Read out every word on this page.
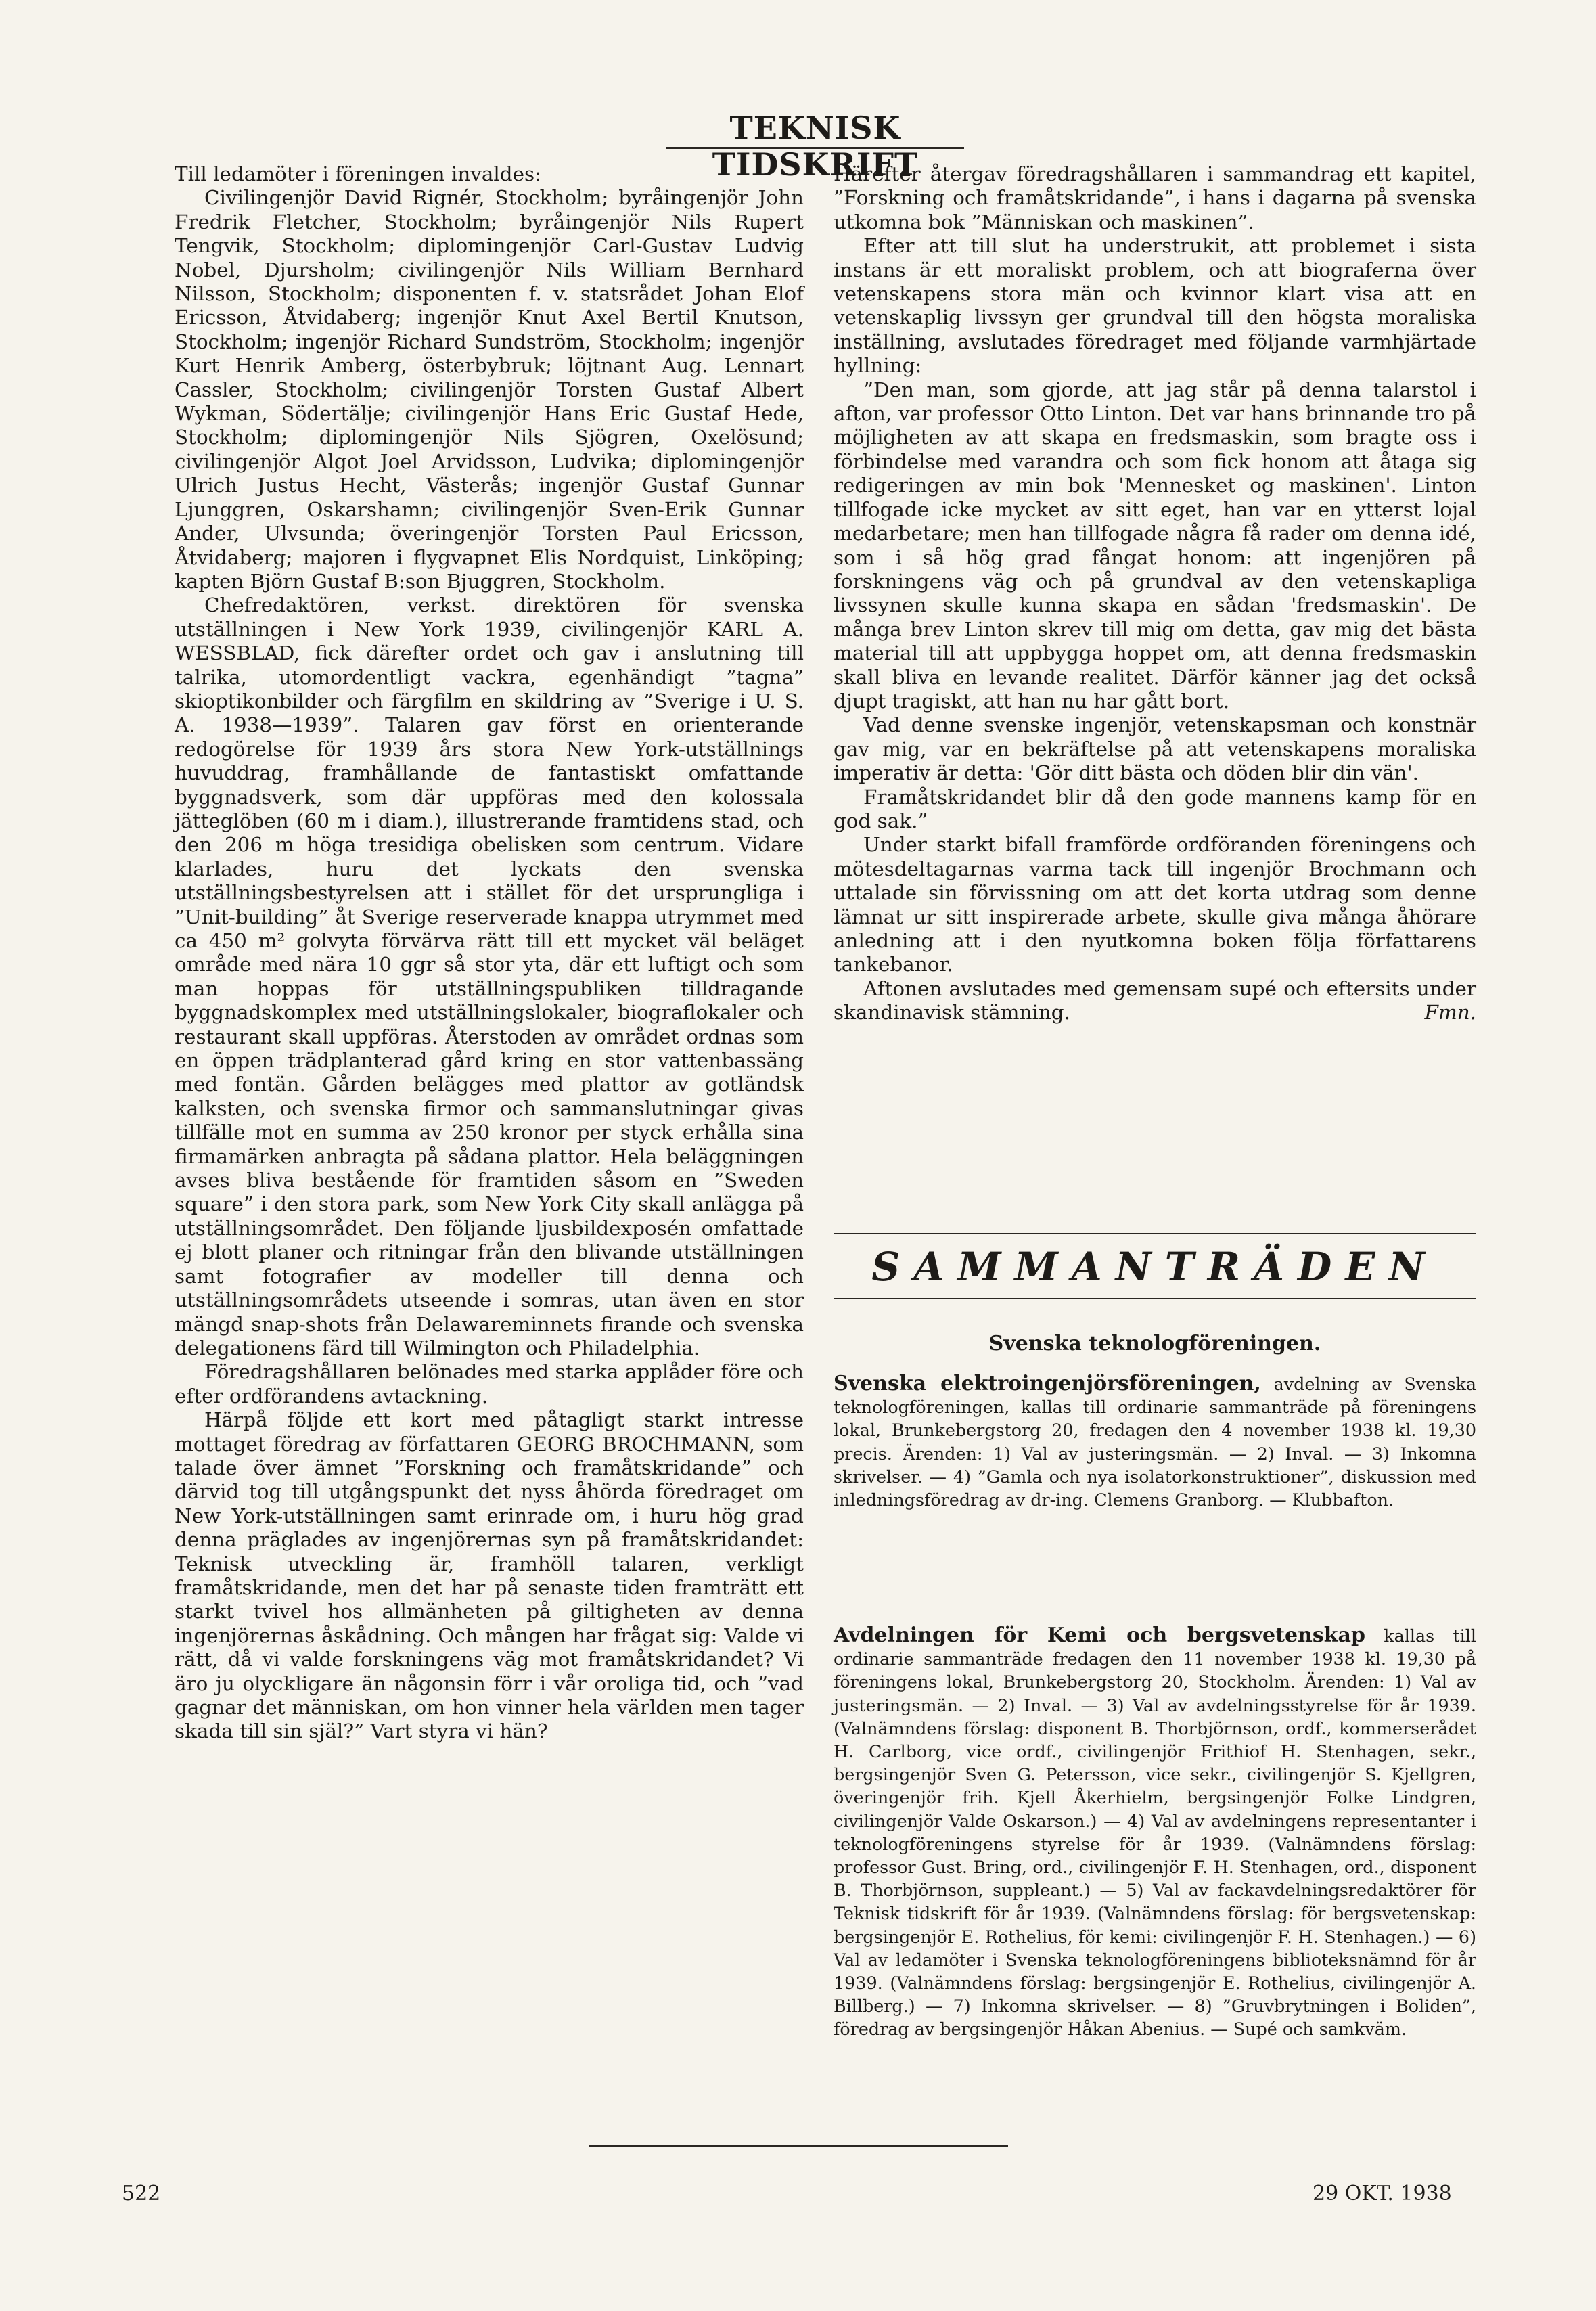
TEKNISK TIDSKRIFT

Till ledamöter i föreningen invaldes:

Civilingenjör David Rignér, Stockholm; byråingenjör John Fredrik Fletcher, Stockholm; byråingenjör Nils Rupert Tengvik, Stockholm; diplomingenjör Carl-Gustav Ludvig Nobel, Djursholm; civilingenjör Nils William Bernhard Nilsson, Stockholm; disponenten f. v. statsrådet Johan Elof Ericsson, Åtvidaberg; ingenjör Knut Axel Bertil Knutson, Stockholm; ingenjör Richard Sundström, Stockholm; ingenjör Kurt Henrik Amberg, österbybruk; löjtnant Aug. Lennart Cassler, Stockholm; civilingenjör Torsten Gustaf Albert Wykman, Södertälje; civilingenjör Hans Eric Gustaf Hede, Stockholm; diplomingenjör Nils Sjögren, Oxelösund; civilingenjör Algot Joel Arvidsson, Ludvika; diplomingenjör Ulrich Justus Hecht, Västerås; ingenjör Gustaf Gunnar Ljunggren, Oskarshamn; civilingenjör Sven-Erik Gunnar Ander, Ulvsunda; överingenjör Torsten Paul Ericsson, Åtvidaberg; majoren i flygvapnet Elis Nordquist, Linköping; kapten Björn Gustaf B:son Bjuggren, Stockholm.

Chefredaktören, verkst. direktören för svenska utställningen i New York 1939, civilingenjör KARL A. WESSBLAD, fick därefter ordet och gav i anslutning till talrika, utomordentligt vackra, egenhändigt ”tagna” skioptikonbilder och färgfilm en skildring av ”Sverige i U. S. A. 1938—1939”. Talaren gav först en orienterande redogörelse för 1939 års stora New York-utställnings huvuddrag, framhållande de fantastiskt omfattande byggnadsverk, som där uppföras med den kolossala jätteglöben (60 m i diam.), illustrerande framtidens stad, och den 206 m höga tresidiga obelisken som centrum. Vidare klarlades, huru det lyckats den svenska utställningsbestyrelsen att i stället för det ursprungliga i ”Unit-building” åt Sverige reserverade knappa utrymmet med ca 450 m² golvyta förvärva rätt till ett mycket väl beläget område med nära 10 ggr så stor yta, där ett luftigt och som man hoppas för utställningspubliken tilldragande byggnadskomplex med utställningslokaler, biograflokaler och restaurant skall uppföras. Återstoden av området ordnas som en öppen trädplanterad gård kring en stor vattenbassäng med fontän. Gården belägges med plattor av gotländsk kalksten, och svenska firmor och sammanslutningar givas tillfälle mot en summa av 250 kronor per styck erhålla sina firmamärken anbragta på sådana plattor. Hela beläggningen avses bliva bestående för framtiden såsom en ”Sweden square” i den stora park, som New York City skall anlägga på utställningsområdet. Den följande ljusbildexposén omfattade ej blott planer och ritningar från den blivande utställningen samt fotografier av modeller till denna och utställningsområdets utseende i somras, utan även en stor mängd snap-shots från Delawareminnets firande och svenska delegationens färd till Wilmington och Philadelphia.

Föredragshållaren belönades med starka applåder före och efter ordförandens avtackning.

Härpå följde ett kort med påtagligt starkt intresse mottaget föredrag av författaren GEORG BROCHMANN, som talade över ämnet ”Forskning och framåtskridande” och därvid tog till utgångspunkt det nyss åhörda föredraget om New York-utställningen samt erinrade om, i huru hög grad denna präglades av ingenjörernas syn på framåtskridandet: Teknisk utveckling är, framhöll talaren, verkligt framåtskridande, men det har på senaste tiden framträtt ett starkt tvivel hos allmänheten på giltigheten av denna ingenjörernas åskådning. Och mången har frågat sig: Valde vi rätt, då vi valde forskningens väg mot framåtskridandet? Vi äro ju olyckligare än någonsin förr i vår oroliga tid, och ”vad gagnar det människan, om hon vinner hela världen men tager skada till sin själ?” Vart styra vi hän?

Härefter återgav föredragshållaren i sammandrag ett kapitel, ”Forskning och framåtskridande”, i hans i dagarna på svenska utkomna bok ”Människan och maskinen”.

Efter att till slut ha understrukit, att problemet i sista instans är ett moraliskt problem, och att biograferna över vetenskapens stora män och kvinnor klart visa att en vetenskaplig livssyn ger grundval till den högsta moraliska inställning, avslutades föredraget med följande varmhjärtade hyllning:

”Den man, som gjorde, att jag står på denna talarstol i afton, var professor Otto Linton. Det var hans brinnande tro på möjligheten av att skapa en fredsmaskin, som bragte oss i förbindelse med varandra och som fick honom att åtaga sig redigeringen av min bok 'Mennesket og maskinen'. Linton tillfogade icke mycket av sitt eget, han var en ytterst lojal medarbetare; men han tillfogade några få rader om denna idé, som i så hög grad fångat honom: att ingenjören på forskningens väg och på grundval av den vetenskapliga livssynen skulle kunna skapa en sådan 'fredsmaskin'. De många brev Linton skrev till mig om detta, gav mig det bästa material till att uppbygga hoppet om, att denna fredsmaskin skall bliva en levande realitet. Därför känner jag det också djupt tragiskt, att han nu har gått bort.

Vad denne svenske ingenjör, vetenskapsman och konstnär gav mig, var en bekräftelse på att vetenskapens moraliska imperativ är detta: 'Gör ditt bästa och döden blir din vän'.

Framåtskridandet blir då den gode mannens kamp för en god sak.”

Under starkt bifall framförde ordföranden föreningens och mötesdeltagarnas varma tack till ingenjör Brochmann och uttalade sin förvissning om att det korta utdrag som denne lämnat ur sitt inspirerade arbete, skulle giva många åhörare anledning att i den nyutkomna boken följa författarens tankebanor.

Aftonen avslutades med gemensam supé och eftersits under skandinavisk stämning.	Fmn.

SAMMANTRÄDEN
Svenska teknologföreningen.

Svenska elektroingenjörsföreningen, avdelning av Svenska teknologföreningen, kallas till ordinarie sammanträde på föreningens lokal, Brunkebergstorg 20, fredagen den 4 november 1938 kl. 19,30 precis. Ärenden: 1) Val av justeringsmän. — 2) Inval. — 3) Inkomna skrivelser. — 4) ”Gamla och nya isolatorkonstruktioner”, diskussion med inledningsföredrag av dr-ing. Clemens Granborg. — Klubbafton.

Avdelningen för Kemi och bergsvetenskap kallas till ordinarie sammanträde fredagen den 11 november 1938 kl. 19,30 på föreningens lokal, Brunkebergstorg 20, Stockholm. Ärenden: 1) Val av justeringsmän. — 2) Inval. — 3) Val av avdelningsstyrelse för år 1939. (Valnämndens förslag: disponent B. Thorbjörnson, ordf., kommerserådet H. Carlborg, vice ordf., civilingenjör Frithiof H. Stenhagen, sekr., bergsingenjör Sven G. Petersson, vice sekr., civilingenjör S. Kjellgren, överingenjör frih. Kjell Åkerhielm, bergsingenjör Folke Lindgren, civilingenjör Valde Oskarson.) — 4) Val av avdelningens representanter i teknologföreningens styrelse för år 1939. (Valnämndens förslag: professor Gust. Bring, ord., civilingenjör F. H. Stenhagen, ord., disponent B. Thorbjörnson, suppleant.) — 5) Val av fackavdelningsredaktörer för Teknisk tidskrift för år 1939. (Valnämndens förslag: för bergsvetenskap: bergsingenjör E. Rothelius, för kemi: civilingenjör F. H. Stenhagen.) — 6) Val av ledamöter i Svenska teknologföreningens biblioteksnämnd för år 1939. (Valnämndens förslag: bergsingenjör E. Rothelius, civilingenjör A. Billberg.) — 7) Inkomna skrivelser. — 8) ”Gruvbrytningen i Boliden”, föredrag av bergsingenjör Håkan Abenius. — Supé och samkväm.

522	29 OKT. 1938
